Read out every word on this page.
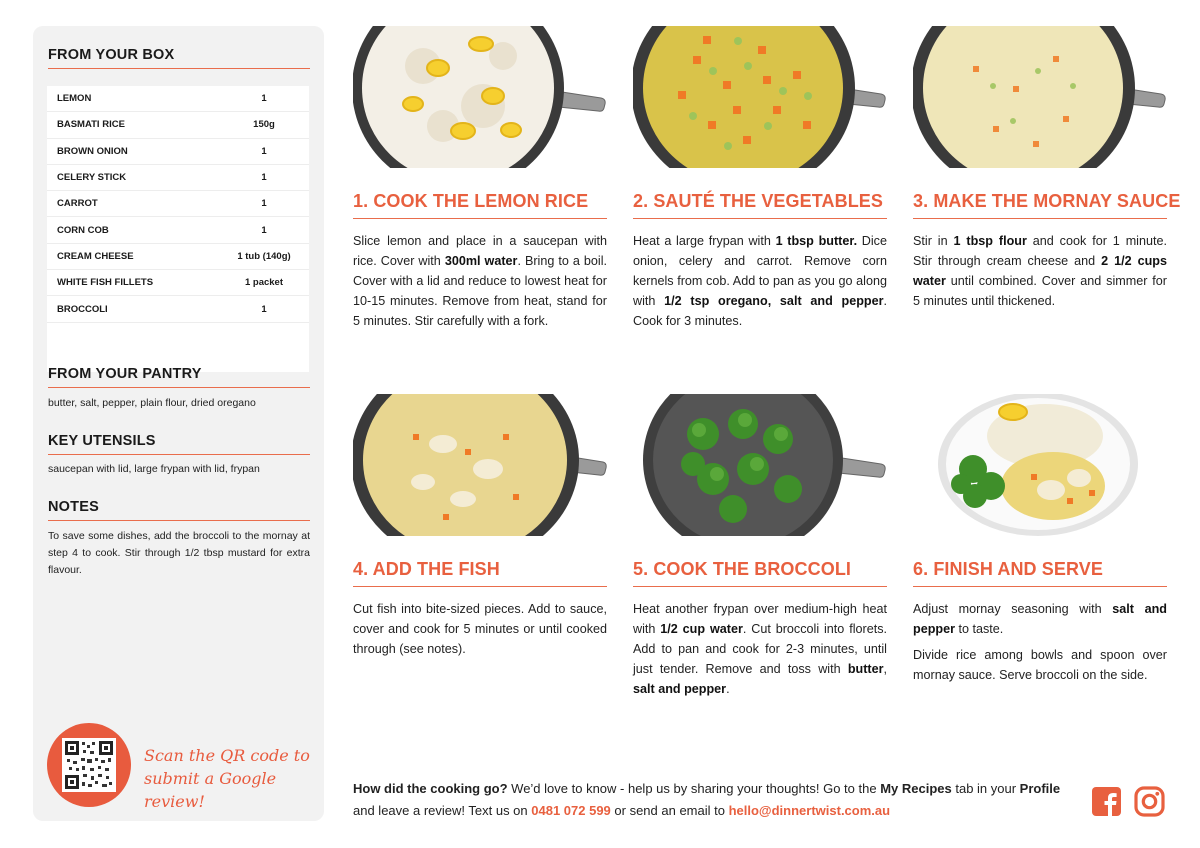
FROM YOUR BOX
LEMON	1
BASMATI RICE	150g
BROWN ONION	1
CELERY STICK	1
CARROT	1
CORN COB	1
CREAM CHEESE	1 tub (140g)
WHITE FISH FILLETS	1 packet
BROCCOLI	1
FROM YOUR PANTRY
butter, salt, pepper, plain flour, dried oregano
KEY UTENSILS
saucepan with lid, large frypan with lid, frypan
NOTES
To save some dishes, add the broccoli to the mornay at step 4 to cook. Stir through 1/2 tbsp mustard for extra flavour.
Scan the QR code to
submit a Google review!
1. COOK THE LEMON RICE

Slice lemon and place in a saucepan with rice. Cover with 300ml water. Bring to a boil. Cover with a lid and reduce to lowest heat for 10-15 minutes. Remove from heat, stand for 5 minutes. Stir carefully with a fork.

2. SAUTÉ THE VEGETABLES

Heat a large frypan with 1 tbsp butter. Dice onion, celery and carrot. Remove corn kernels from cob. Add to pan as you go along with 1/2 tsp oregano, salt and pepper. Cook for 3 minutes.

3. MAKE THE MORNAY SAUCE

Stir in 1 tbsp flour and cook for 1 minute. Stir through cream cheese and 2 1/2 cups water until combined. Cover and simmer for 5 minutes until thickened.

4. ADD THE FISH

Cut fish into bite-sized pieces. Add to sauce, cover and cook for 5 minutes or until cooked through (see notes).

5. COOK THE BROCCOLI

Heat another frypan over medium-high heat with 1/2 cup water. Cut broccoli into florets. Add to pan and cook for 2-3 minutes, until just tender. Remove and toss with butter, salt and pepper.

6. FINISH AND SERVE

Adjust mornay seasoning with salt and pepper to taste.

Divide rice among bowls and spoon over mornay sauce. Serve broccoli on the side.

How did the cooking go? We’d love to know - help us by sharing your thoughts! Go to the My Recipes tab in your Profile and leave a review! Text us on 0481 072 599 or send an email to hello@dinnertwist.com.au
